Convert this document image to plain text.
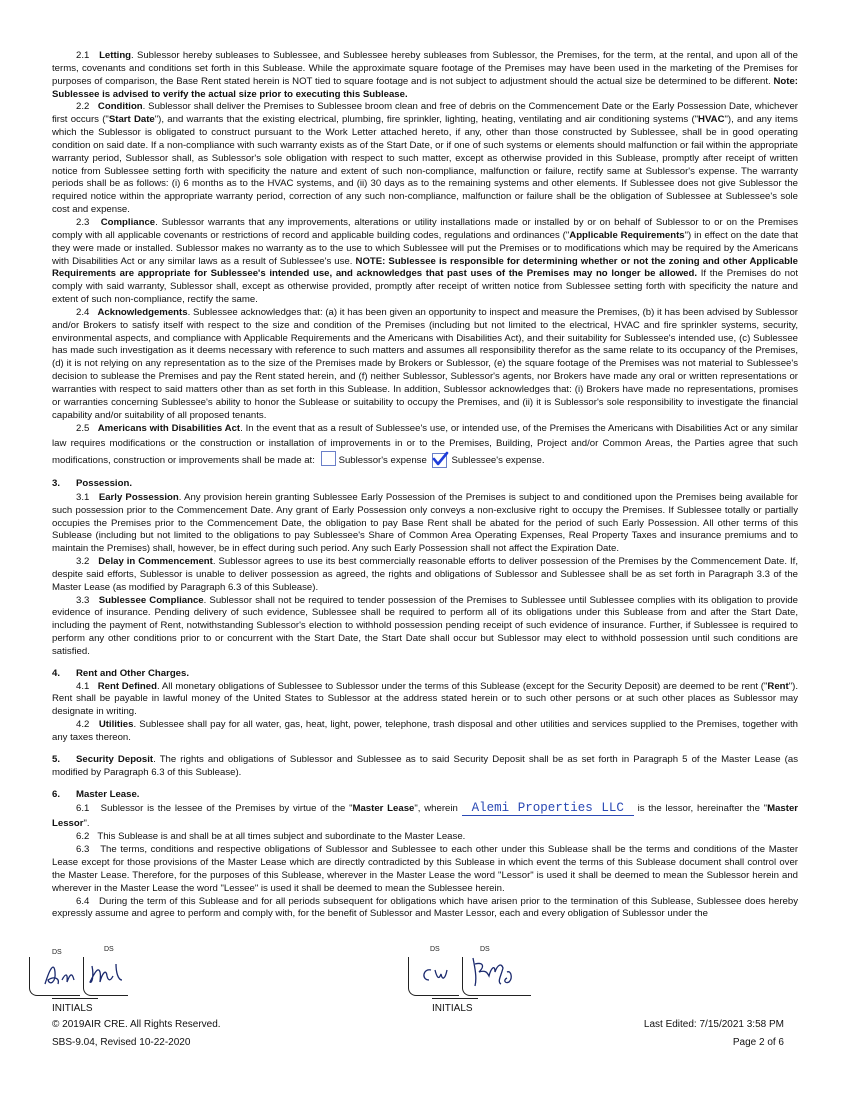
2.1 Letting. Sublessor hereby subleases to Sublessee, and Sublessee hereby subleases from Sublessor, the Premises, for the term, at the rental, and upon all of the terms, covenants and conditions set forth in this Sublease. While the approximate square footage of the Premises may have been used in the marketing of the Premises for purposes of comparison, the Base Rent stated herein is NOT tied to square footage and is not subject to adjustment should the actual size be determined to be different. Note: Sublessee is advised to verify the actual size prior to executing this Sublease.

2.2 Condition. Sublessor shall deliver the Premises to Sublessee broom clean and free of debris on the Commencement Date or the Early Possession Date, whichever first occurs ("Start Date"), and warrants that the existing electrical, plumbing, fire sprinkler, lighting, heating, ventilating and air conditioning systems ("HVAC"), and any items which the Sublessor is obligated to construct pursuant to the Work Letter attached hereto, if any, other than those constructed by Sublessee, shall be in good operating condition on said date. If a non-compliance with such warranty exists as of the Start Date, or if one of such systems or elements should malfunction or fail within the appropriate warranty period, Sublessor shall, as Sublessor's sole obligation with respect to such matter, except as otherwise provided in this Sublease, promptly after receipt of written notice from Sublessee setting forth with specificity the nature and extent of such non-compliance, malfunction or failure, rectify same at Sublessor's expense. The warranty periods shall be as follows: (i) 6 months as to the HVAC systems, and (ii) 30 days as to the remaining systems and other elements. If Sublessee does not give Sublessor the required notice within the appropriate warranty period, correction of any such non-compliance, malfunction or failure shall be the obligation of Sublessee at Sublessee's sole cost and expense.

2.3 Compliance. Sublessor warrants that any improvements, alterations or utility installations made or installed by or on behalf of Sublessor to or on the Premises comply with all applicable covenants or restrictions of record and applicable building codes, regulations and ordinances ("Applicable Requirements") in effect on the date that they were made or installed. Sublessor makes no warranty as to the use to which Sublessee will put the Premises or to modifications which may be required by the Americans with Disabilities Act or any similar laws as a result of Sublessee's use. NOTE: Sublessee is responsible for determining whether or not the zoning and other Applicable Requirements are appropriate for Sublessee's intended use, and acknowledges that past uses of the Premises may no longer be allowed. If the Premises do not comply with said warranty, Sublessor shall, except as otherwise provided, promptly after receipt of written notice from Sublessee setting forth with specificity the nature and extent of such non-compliance, rectify the same.

2.4 Acknowledgements. Sublessee acknowledges that: (a) it has been given an opportunity to inspect and measure the Premises, (b) it has been advised by Sublessor and/or Brokers to satisfy itself with respect to the size and condition of the Premises (including but not limited to the electrical, HVAC and fire sprinkler systems, security, environmental aspects, and compliance with Applicable Requirements and the Americans with Disabilities Act), and their suitability for Sublessee's intended use, (c) Sublessee has made such investigation as it deems necessary with reference to such matters and assumes all responsibility therefor as the same relate to its occupancy of the Premises, (d) it is not relying on any representation as to the size of the Premises made by Brokers or Sublessor, (e) the square footage of the Premises was not material to Sublessee's decision to sublease the Premises and pay the Rent stated herein, and (f) neither Sublessor, Sublessor's agents, nor Brokers have made any oral or written representations or warranties with respect to said matters other than as set forth in this Sublease. In addition, Sublessor acknowledges that: (i) Brokers have made no representations, promises or warranties concerning Sublessee's ability to honor the Sublease or suitability to occupy the Premises, and (ii) it is Sublessor's sole responsibility to investigate the financial capability and/or suitability of all proposed tenants.

2.5 Americans with Disabilities Act. In the event that as a result of Sublessee's use, or intended use, of the Premises the Americans with Disabilities Act or any similar law requires modifications or the construction or installation of improvements in or to the Premises, Building, Project and/or Common Areas, the Parties agree that such modifications, construction or improvements shall be made at: Sublessor's expense	Sublessee's expense.

3. Possession.

3.1 Early Possession. Any provision herein granting Sublessee Early Possession of the Premises is subject to and conditioned upon the Premises being available for such possession prior to the Commencement Date. Any grant of Early Possession only conveys a non-exclusive right to occupy the Premises. If Sublessee totally or partially occupies the Premises prior to the Commencement Date, the obligation to pay Base Rent shall be abated for the period of such Early Possession. All other terms of this Sublease (including but not limited to the obligations to pay Sublessee's Share of Common Area Operating Expenses, Real Property Taxes and insurance premiums and to maintain the Premises) shall, however, be in effect during such period. Any such Early Possession shall not affect the Expiration Date.

3.2 Delay in Commencement. Sublessor agrees to use its best commercially reasonable efforts to deliver possession of the Premises by the Commencement Date. If, despite said efforts, Sublessor is unable to deliver possession as agreed, the rights and obligations of Sublessor and Sublessee shall be as set forth in Paragraph 3.3 of the Master Lease (as modified by Paragraph 6.3 of this Sublease).

3.3 Sublessee Compliance. Sublessor shall not be required to tender possession of the Premises to Sublessee until Sublessee complies with its obligation to provide evidence of insurance. Pending delivery of such evidence, Sublessee shall be required to perform all of its obligations under this Sublease from and after the Start Date, including the payment of Rent, notwithstanding Sublessor's election to withhold possession pending receipt of such evidence of insurance. Further, if Sublessee is required to perform any other conditions prior to or concurrent with the Start Date, the Start Date shall occur but Sublessor may elect to withhold possession until such conditions are satisfied.

4. Rent and Other Charges.

4.1 Rent Defined. All monetary obligations of Sublessee to Sublessor under the terms of this Sublease (except for the Security Deposit) are deemed to be rent ("Rent"). Rent shall be payable in lawful money of the United States to Sublessor at the address stated herein or to such other persons or at such other places as Sublessor may designate in writing.

4.2 Utilities. Sublessee shall pay for all water, gas, heat, light, power, telephone, trash disposal and other utilities and services supplied to the Premises, together with any taxes thereon.

5. Security Deposit. The rights and obligations of Sublessor and Sublessee as to said Security Deposit shall be as set forth in Paragraph 5 of the Master Lease (as modified by Paragraph 6.3 of this Sublease).

6. Master Lease.

6.1 Sublessor is the lessee of the Premises by virtue of the "Master Lease", wherein Alemi Properties LLC is the lessor, hereinafter the "Master Lessor".

6.2 This Sublease is and shall be at all times subject and subordinate to the Master Lease.

6.3 The terms, conditions and respective obligations of Sublessor and Sublessee to each other under this Sublease shall be the terms and conditions of the Master Lease except for those provisions of the Master Lease which are directly contradicted by this Sublease in which event the terms of this Sublease document shall control over the Master Lease. Therefore, for the purposes of this Sublease, wherever in the Master Lease the word "Lessor" is used it shall be deemed to mean the Sublessor herein and wherever in the Master Lease the word "Lessee" is used it shall be deemed to mean the Sublessee herein.

6.4 During the term of this Sublease and for all periods subsequent for obligations which have arisen prior to the termination of this Sublease, Sublessee does hereby expressly assume and agree to perform and comply with, for the benefit of Sublessor and Master Lessor, each and every obligation of Sublessor under the

DS	DS
INITIALS
DS	DS
INITIALS
© 2019AIR CRE. All Rights Reserved.
SBS-9.04, Revised 10-22-2020
Last Edited: 7/15/2021 3:58 PM
Page 2 of 6
